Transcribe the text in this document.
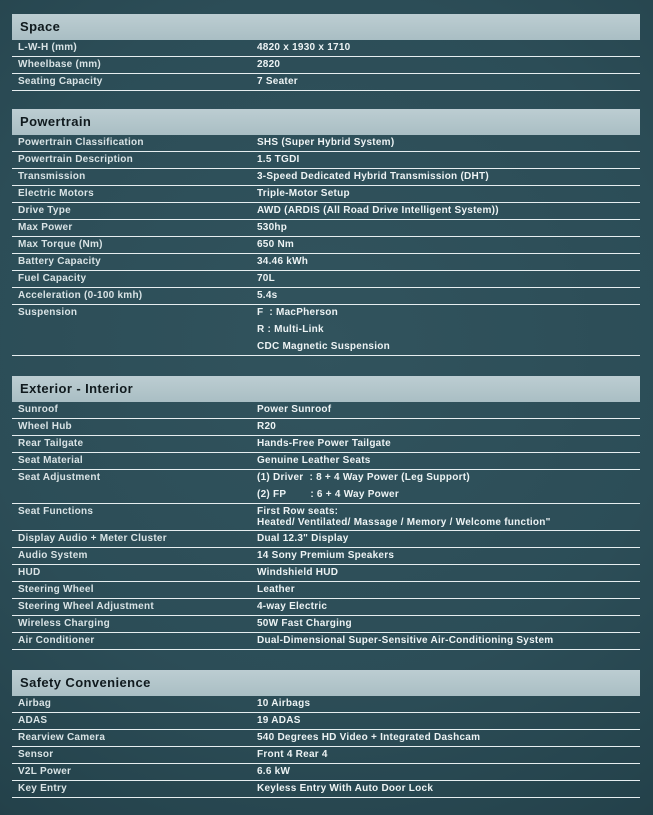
Space
L-W-H (mm)	4820 x 1930 x 1710
Wheelbase (mm)	2820
Seating Capacity	7 Seater
Powertrain
Powertrain Classification	SHS (Super Hybrid System)
Powertrain Description	1.5 TGDI
Transmission	3-Speed Dedicated Hybrid Transmission (DHT)
Electric Motors	Triple-Motor Setup
Drive Type	AWD (ARDIS (All Road Drive Intelligent System))
Max Power	530hp
Max Torque (Nm)	650 Nm
Battery Capacity	34.46 kWh
Fuel Capacity	70L
Acceleration (0-100 kmh)	5.4s
Suspension	F  : MacPherson
R : Multi-Link
CDC Magnetic Suspension
Exterior - Interior
Sunroof	Power Sunroof
Wheel Hub	R20
Rear Tailgate	Hands-Free Power Tailgate
Seat Material	Genuine Leather Seats
Seat Adjustment	(1) Driver  : 8 + 4 Way Power (Leg Support)
(2) FP        : 6 + 4 Way Power
Seat Functions	First Row seats:
Heated/ Ventilated/ Massage / Memory / Welcome function"
Display Audio + Meter Cluster	Dual 12.3" Display
Audio System	14 Sony Premium Speakers
HUD	Windshield HUD
Steering Wheel	Leather
Steering Wheel Adjustment	4-way Electric
Wireless Charging	50W Fast Charging
Air Conditioner	Dual-Dimensional Super-Sensitive Air-Conditioning System
Safety Convenience
Airbag	10 Airbags
ADAS	19 ADAS
Rearview Camera	540 Degrees HD Video + Integrated Dashcam
Sensor	Front 4 Rear 4
V2L Power	6.6 kW
Key Entry	Keyless Entry With Auto Door Lock
